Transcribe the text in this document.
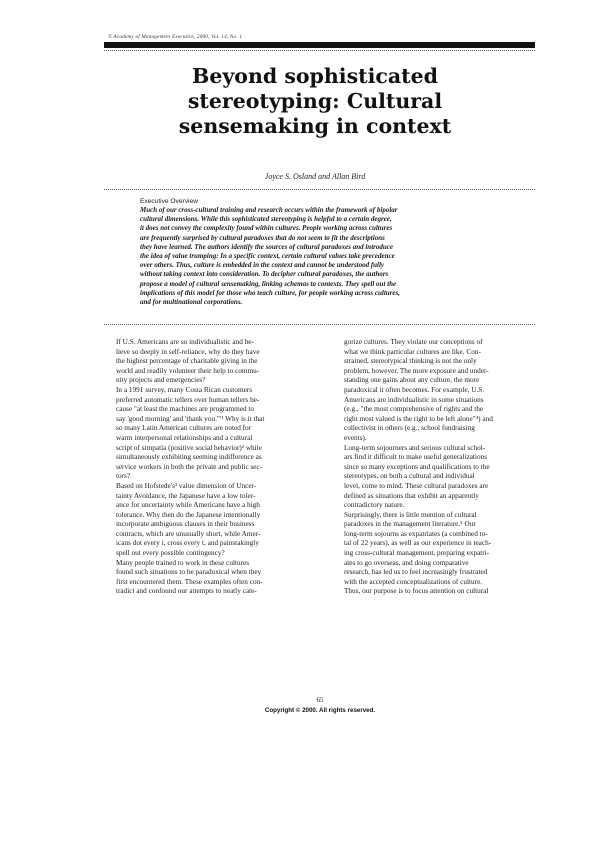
© Academy of Management Executive, 2000, Vol. 14, No. 1
Beyond sophisticated
stereotyping: Cultural
sensemaking in context
Joyce S. Osland and Allan Bird
Executive Overview
Much of our cross-cultural training and research occurs within the framework of bipolar
cultural dimensions. While this sophisticated stereotyping is helpful to a certain degree,
it does not convey the complexity found within cultures. People working across cultures
are frequently surprised by cultural paradoxes that do not seem to fit the descriptions
they have learned. The authors identify the sources of cultural paradoxes and introduce
the idea of value trumping: In a specific context, certain cultural values take precedence
over others. Thus, culture is embedded in the context and cannot be understood fully
without taking context into consideration. To decipher cultural paradoxes, the authors
propose a model of cultural sensemaking, linking schemas to contexts. They spell out the
implications of this model for those who teach culture, for people working across cultures,
and for multinational corporations.
If U.S. Americans are so individualistic and be-
lieve so deeply in self-reliance, why do they have
the highest percentage of charitable giving in the
world and readily volunteer their help to commu-
nity projects and emergencies?
In a 1991 survey, many Costa Rican customers
preferred automatic tellers over human tellers be-
cause "at least the machines are programmed to
say 'good morning' and 'thank you.'"¹ Why is it that
so many Latin American cultures are noted for
warm interpersonal relationships and a cultural
script of simpatía (positive social behavior)² while
simultaneously exhibiting seeming indifference as
service workers in both the private and public sec-
tors?
Based on Hofstede's³ value dimension of Uncer-
tainty Avoidance, the Japanese have a low toler-
ance for uncertainty while Americans have a high
tolerance. Why then do the Japanese intentionally
incorporate ambiguous clauses in their business
contracts, which are unusually short, while Amer-
icans dot every i, cross every t, and painstakingly
spell out every possible contingency?
Many people trained to work in these cultures
found such situations to be paradoxical when they
first encountered them. These examples often con-
tradict and confound our attempts to neatly cate-
gorize cultures. They violate our conceptions of
what we think particular cultures are like. Con-
strained, stereotypical thinking is not the only
problem, however. The more exposure and under-
standing one gains about any culture, the more
paradoxical it often becomes. For example, U.S.
Americans are individualistic in some situations
(e.g., "the most comprehensive of rights and the
right most valued is the right to be left alone"⁴) and
collectivist in others (e.g., school fundraising
events).
Long-term sojourners and serious cultural schol-
ars find it difficult to make useful generalizations
since so many exceptions and qualifications to the
stereotypes, on both a cultural and individual
level, come to mind. These cultural paradoxes are
defined as situations that exhibit an apparently
contradictory nature.
Surprisingly, there is little mention of cultural
paradoxes in the management literature.⁵ Our
long-term sojourns as expatriates (a combined to-
tal of 22 years), as well as our experience in teach-
ing cross-cultural management, preparing expatri-
ates to go overseas, and doing comparative
research, has led us to feel increasingly frustrated
with the accepted conceptualizations of culture.
Thus, our purpose is to focus attention on cultural
65
Copyright © 2000. All rights reserved.
